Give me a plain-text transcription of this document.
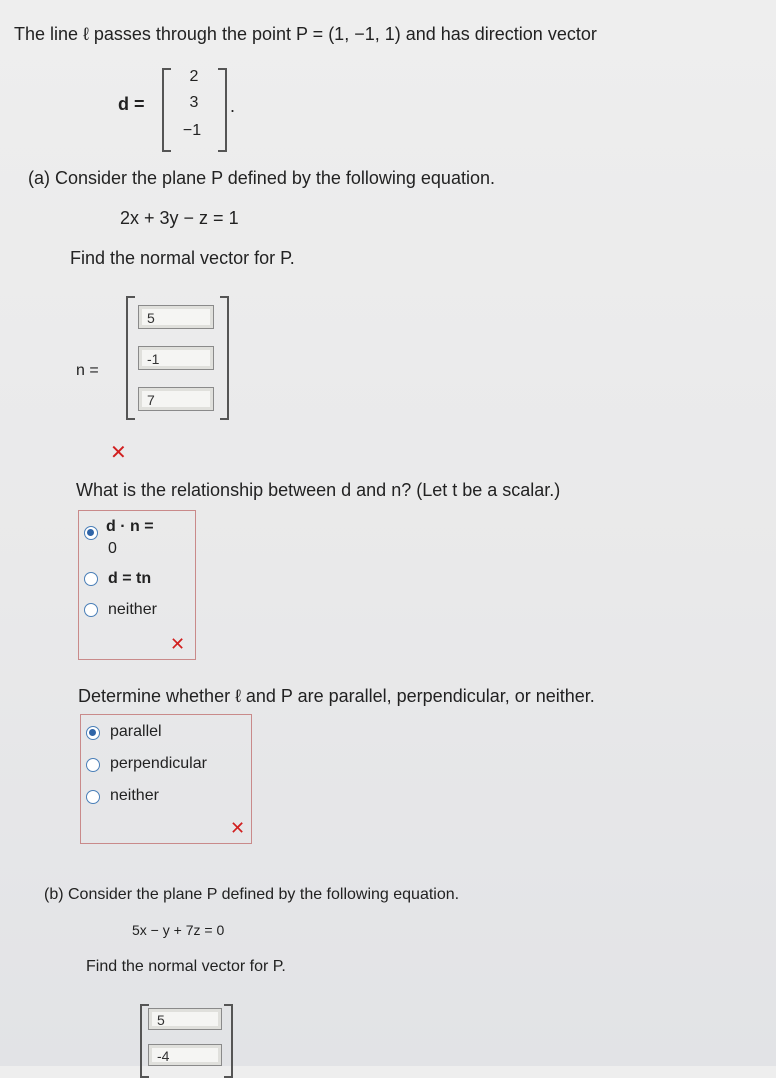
The line ℓ passes through the point P = (1, −1, 1) and has direction vector
d =
2
3
−1
.
(a) Consider the plane P defined by the following equation.
2x + 3y − z = 1
Find the normal vector for P.
n =
5
-1
7
✕
What is the relationship between d and n? (Let t be a scalar.)
d · n =
0
d = tn
neither
✕
Determine whether ℓ and P are parallel, perpendicular, or neither.
parallel
perpendicular
neither
✕
(b) Consider the plane P defined by the following equation.
5x − y + 7z = 0
Find the normal vector for P.
5
-4
